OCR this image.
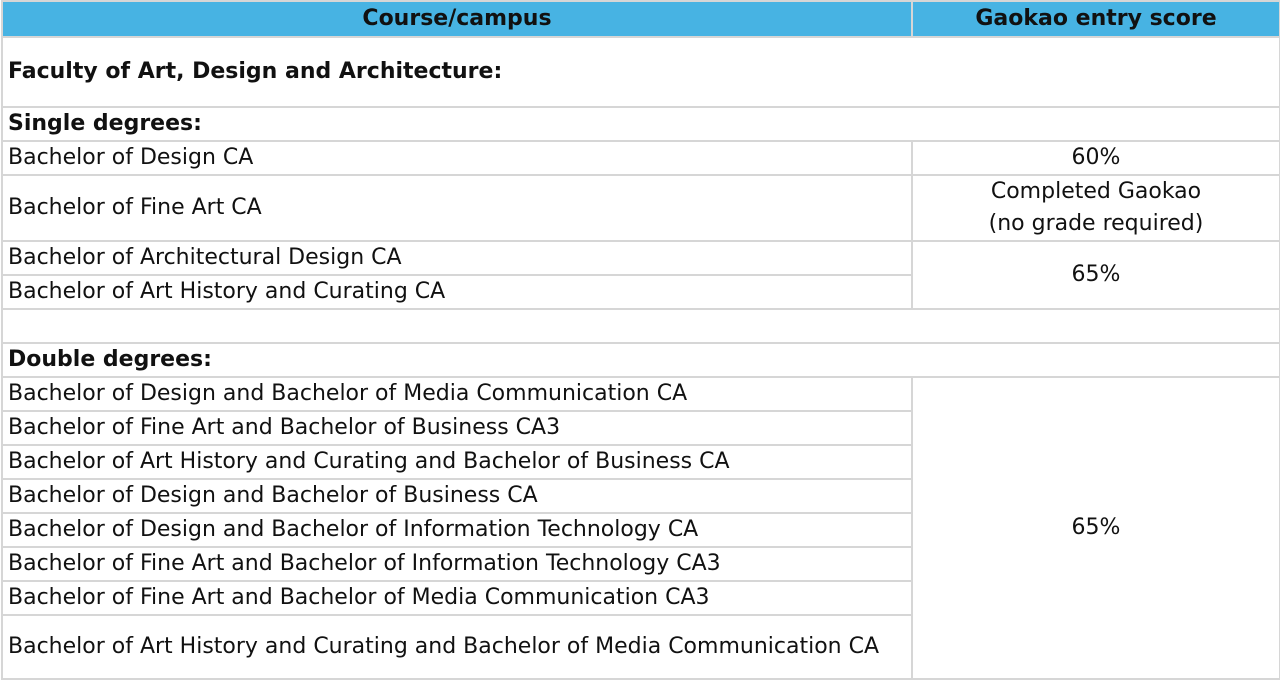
Course/campus	Gaokao entry score
Faculty of Art, Design and Architecture:	
Single degrees:	
Bachelor of Design CA	60%
Bachelor of Fine Art CA	Completed Gaokao
(no grade required)
Bachelor of Architectural Design CA	65%
Bachelor of Art History and Curating CA	

Double degrees:	
Bachelor of Design and Bachelor of Media Communication CA	65%
Bachelor of Fine Art and Bachelor of Business CA3	
Bachelor of Art History and Curating and Bachelor of Business CA	
Bachelor of Design and Bachelor of Business CA	
Bachelor of Design and Bachelor of Information Technology CA	
Bachelor of Fine Art and Bachelor of Information Technology CA3	
Bachelor of Fine Art and Bachelor of Media Communication CA3	
Bachelor of Art History and Curating and Bachelor of Media Communication CA	
